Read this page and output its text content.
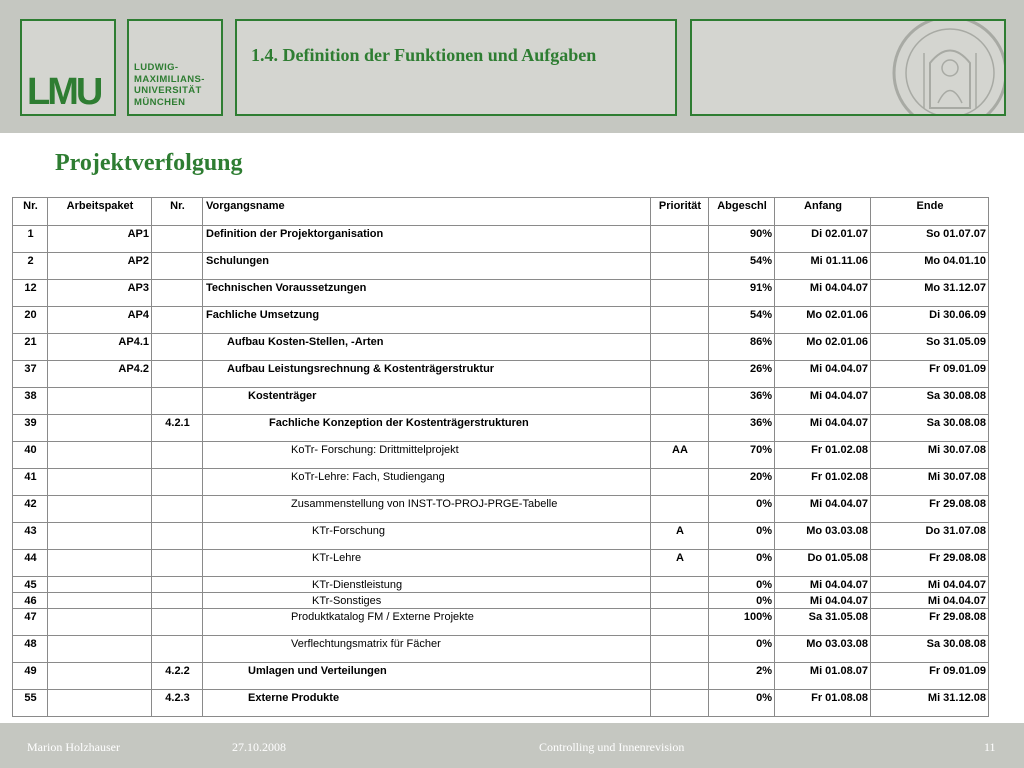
LMU
LUDWIG-
MAXIMILIANS-
UNIVERSITÄT
MÜNCHEN
1.4. Definition der Funktionen und Aufgaben
Projektverfolgung
Nr.	Arbeitspaket	Nr.	Vorgangsname	Priorität	Abgeschl	Anfang	Ende
1	AP1		Definition der Projektorganisation		90%	Di 02.01.07	So 01.07.07
2	AP2		Schulungen		54%	Mi 01.11.06	Mo 04.01.10
12	AP3		Technischen Voraussetzungen		91%	Mi 04.04.07	Mo 31.12.07
20	AP4		Fachliche Umsetzung		54%	Mo 02.01.06	Di 30.06.09
21	AP4.1		Aufbau Kosten-Stellen, -Arten		86%	Mo 02.01.06	So 31.05.09
37	AP4.2		Aufbau Leistungsrechnung & Kostenträgerstruktur		26%	Mi 04.04.07	Fr 09.01.09
38			Kostenträger		36%	Mi 04.04.07	Sa 30.08.08
39		4.2.1	Fachliche Konzeption der Kostenträgerstrukturen		36%	Mi 04.04.07	Sa 30.08.08
40			KoTr- Forschung: Drittmittelprojekt	AA	70%	Fr 01.02.08	Mi 30.07.08
41			KoTr-Lehre: Fach, Studiengang		20%	Fr 01.02.08	Mi 30.07.08
42			Zusammenstellung von INST-TO-PROJ-PRGE-Tabelle		0%	Mi 04.04.07	Fr 29.08.08
43			KTr-Forschung	A	0%	Mo 03.03.08	Do 31.07.08
44			KTr-Lehre	A	0%	Do 01.05.08	Fr 29.08.08
45			KTr-Dienstleistung		0%	Mi 04.04.07	Mi 04.04.07
46			KTr-Sonstiges		0%	Mi 04.04.07	Mi 04.04.07
47			Produktkatalog FM / Externe Projekte		100%	Sa 31.05.08	Fr 29.08.08
48			Verflechtungsmatrix für Fächer		0%	Mo 03.03.08	Sa 30.08.08
49		4.2.2	Umlagen und Verteilungen		2%	Mi 01.08.07	Fr 09.01.09
55		4.2.3	Externe Produkte		0%	Fr 01.08.08	Mi 31.12.08
Marion Holzhauser	27.10.2008	Controlling und Innenrevision	11
